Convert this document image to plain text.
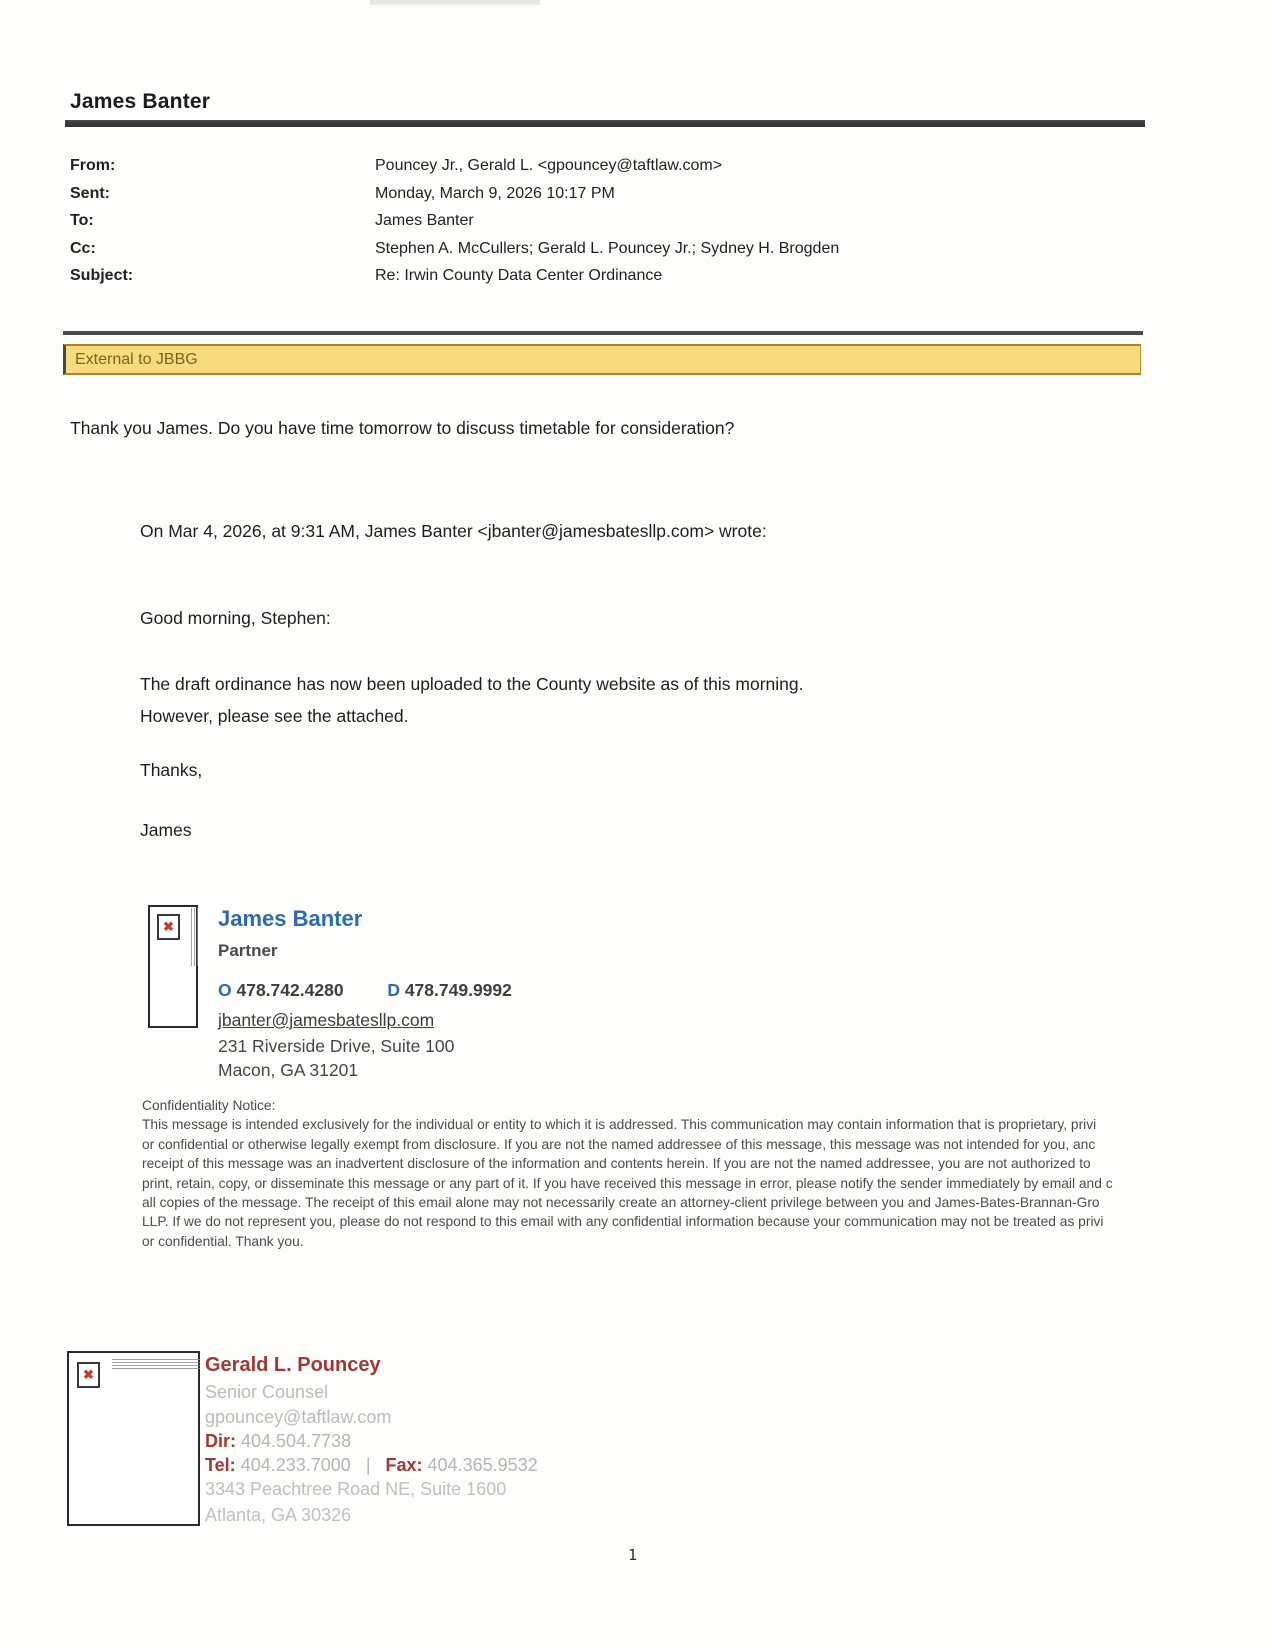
James Banter
From:	Pouncey Jr., Gerald L. <gpouncey@taftlaw.com>
Sent:	Monday, March 9, 2026 10:17 PM
To:	James Banter
Cc:	Stephen A. McCullers; Gerald L. Pouncey Jr.; Sydney H. Brogden
Subject:	Re: Irwin County Data Center Ordinance
External to JBBG
Thank you James. Do you have time tomorrow to discuss timetable for consideration?
On Mar 4, 2026, at 9:31 AM, James Banter <jbanter@jamesbatesllp.com> wrote:
Good morning, Stephen:
The draft ordinance has now been uploaded to the County website as of this morning.
However, please see the attached.
Thanks,
James
✖ James Banter
Partner
O 478.742.4280	D 478.749.9992
jbanter@jamesbatesllp.com
231 Riverside Drive, Suite 100
Macon, GA 31201
Confidentiality Notice:
This message is intended exclusively for the individual or entity to which it is addressed. This communication may contain information that is proprietary, privi
or confidential or otherwise legally exempt from disclosure. If you are not the named addressee of this message, this message was not intended for you, anc
receipt of this message was an inadvertent disclosure of the information and contents herein. If you are not the named addressee, you are not authorized to
print, retain, copy, or disseminate this message or any part of it. If you have received this message in error, please notify the sender immediately by email and c
all copies of the message. The receipt of this email alone may not necessarily create an attorney-client privilege between you and James-Bates-Brannan-Gro
LLP. If we do not represent you, please do not respond to this email with any confidential information because your communication may not be treated as privi
or confidential. Thank you.
✖	Gerald L. Pouncey
Senior Counsel
gpouncey@taftlaw.com
Dir: 404.504.7738
Tel: 404.233.7000 | Fax: 404.365.9532
3343 Peachtree Road NE, Suite 1600
Atlanta, GA 30326
1
